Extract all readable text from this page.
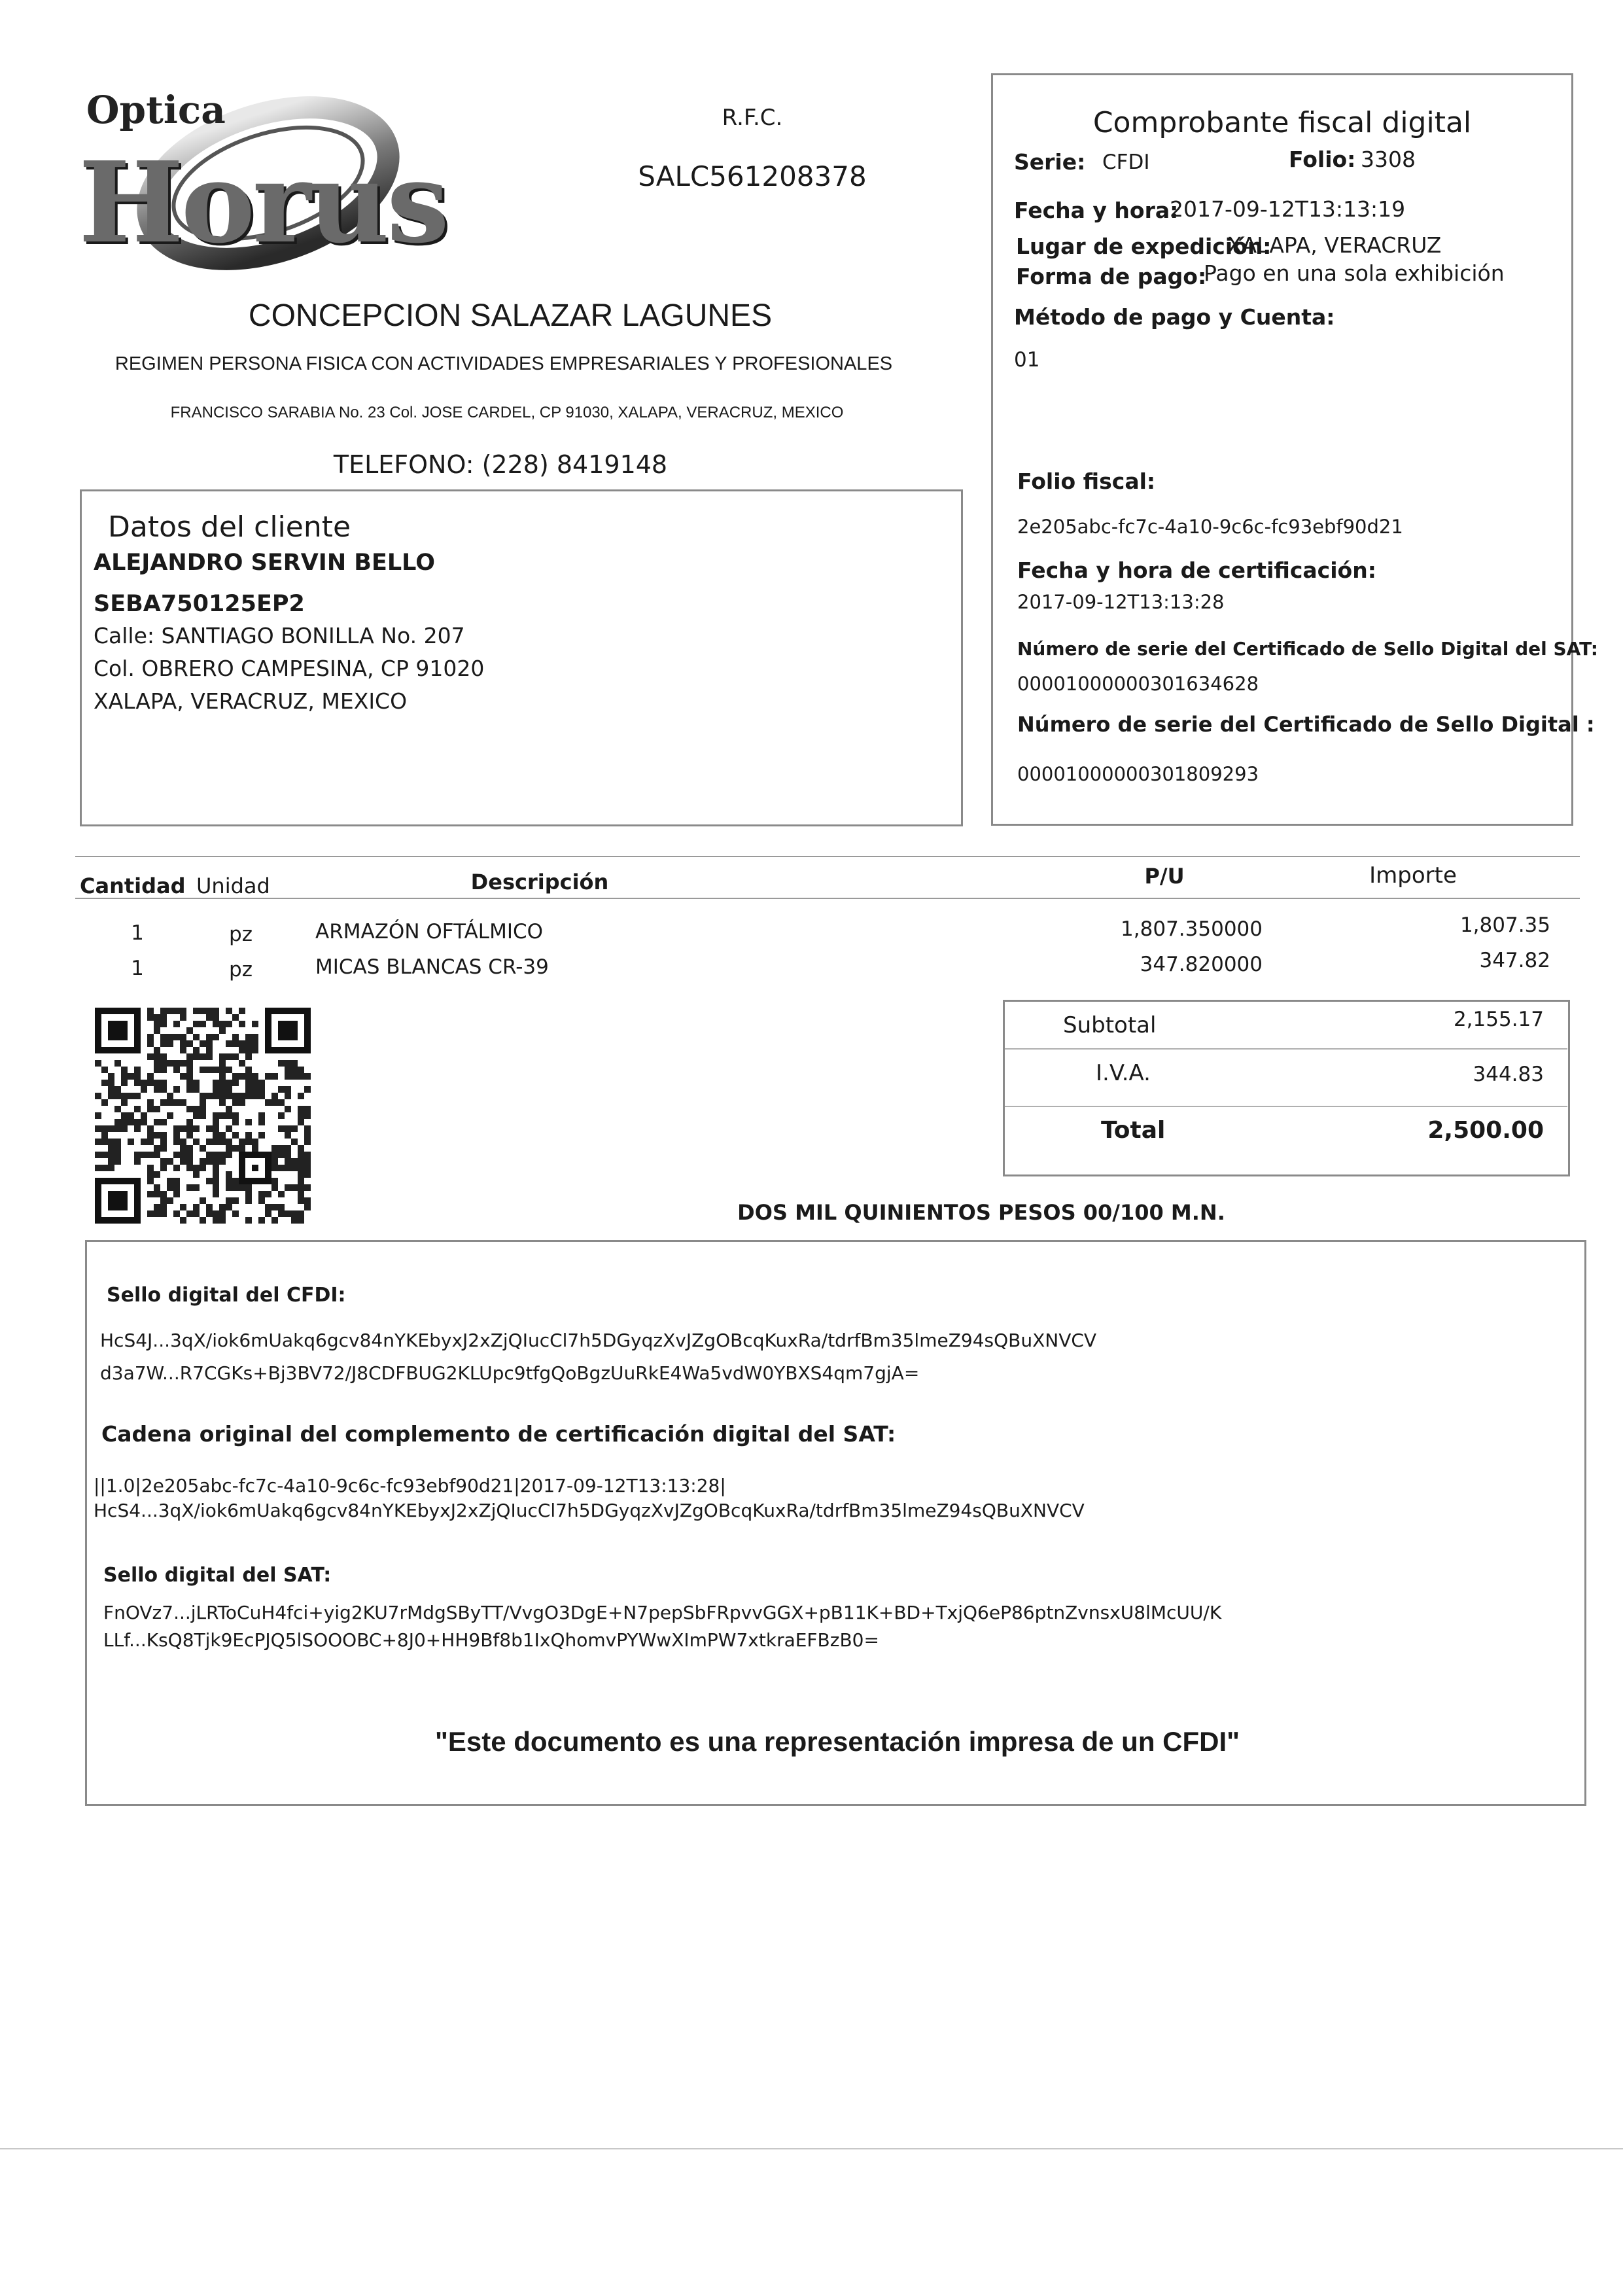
Optica
Horus
R.F.C.
SALC561208378
CONCEPCION SALAZAR LAGUNES
REGIMEN PERSONA FISICA CON ACTIVIDADES EMPRESARIALES Y PROFESIONALES
FRANCISCO SARABIA No. 23 Col. JOSE CARDEL, CP 91030, XALAPA, VERACRUZ, MEXICO
TELEFONO: (228) 8419148
Datos del cliente
ALEJANDRO SERVIN BELLO
SEBA750125EP2
Calle: SANTIAGO BONILLA No. 207
Col. OBRERO CAMPESINA, CP 91020
XALAPA, VERACRUZ, MEXICO
Comprobante fiscal digital
Serie: CFDI	Folio: 3308
Fecha y hora:
2017-09-12T13:13:19
Lugar de expedición:
XALAPA, VERACRUZ
Forma de pago:
Pago en una sola exhibición
Método de pago y Cuenta:
01
Folio fiscal:
2e205abc-fc7c-4a10-9c6c-fc93ebf90d21
Fecha y hora de certificación:
2017-09-12T13:13:28
Número de serie del Certificado de Sello Digital del SAT:
00001000000301634628
Número de serie del Certificado de Sello Digital :
00001000000301809293
Cantidad Unidad	Descripción	P/U	Importe
1	pz	ARMAZÓN OFTÁLMICO	1,807.350000	1,807.35
1	pz	MICAS BLANCAS CR-39	347.820000	347.82
Subtotal	2,155.17
I.V.A.	344.83
Total	2,500.00
DOS MIL QUINIENTOS PESOS 00/100 M.N.
Sello digital del CFDI:
HcS4J...3qX/iok6mUakq6gcv84nYKEbyxJ2xZjQIucCl7h5DGyqzXvJZgOBcqKuxRa/tdrfBm35lmeZ94sQBuXNVCV
d3a7W...R7CGKs+Bj3BV72/J8CDFBUG2KLUpc9tfgQoBgzUuRkE4Wa5vdW0YBXS4qm7gjA=
Cadena original del complemento de certificación digital del SAT:
||1.0|2e205abc-fc7c-4a10-9c6c-fc93ebf90d21|2017-09-12T13:13:28|
HcS4...3qX/iok6mUakq6gcv84nYKEbyxJ2xZjQIucCl7h5DGyqzXvJZgOBcqKuxRa/tdrfBm35lmeZ94sQBuXNVCV
Sello digital del SAT:
FnOVz7...jLRToCuH4fci+yig2KU7rMdgSByTT/VvgO3DgE+N7pepSbFRpvvGGX+pB11K+BD+TxjQ6eP86ptnZvnsxU8lMcUU/K
LLf...KsQ8Tjk9EcPJQ5lSOOOBC+8J0+HH9Bf8b1IxQhomvPYWwXImPW7xtkraEFBzB0=
"Este documento es una representación impresa de un CFDI"
